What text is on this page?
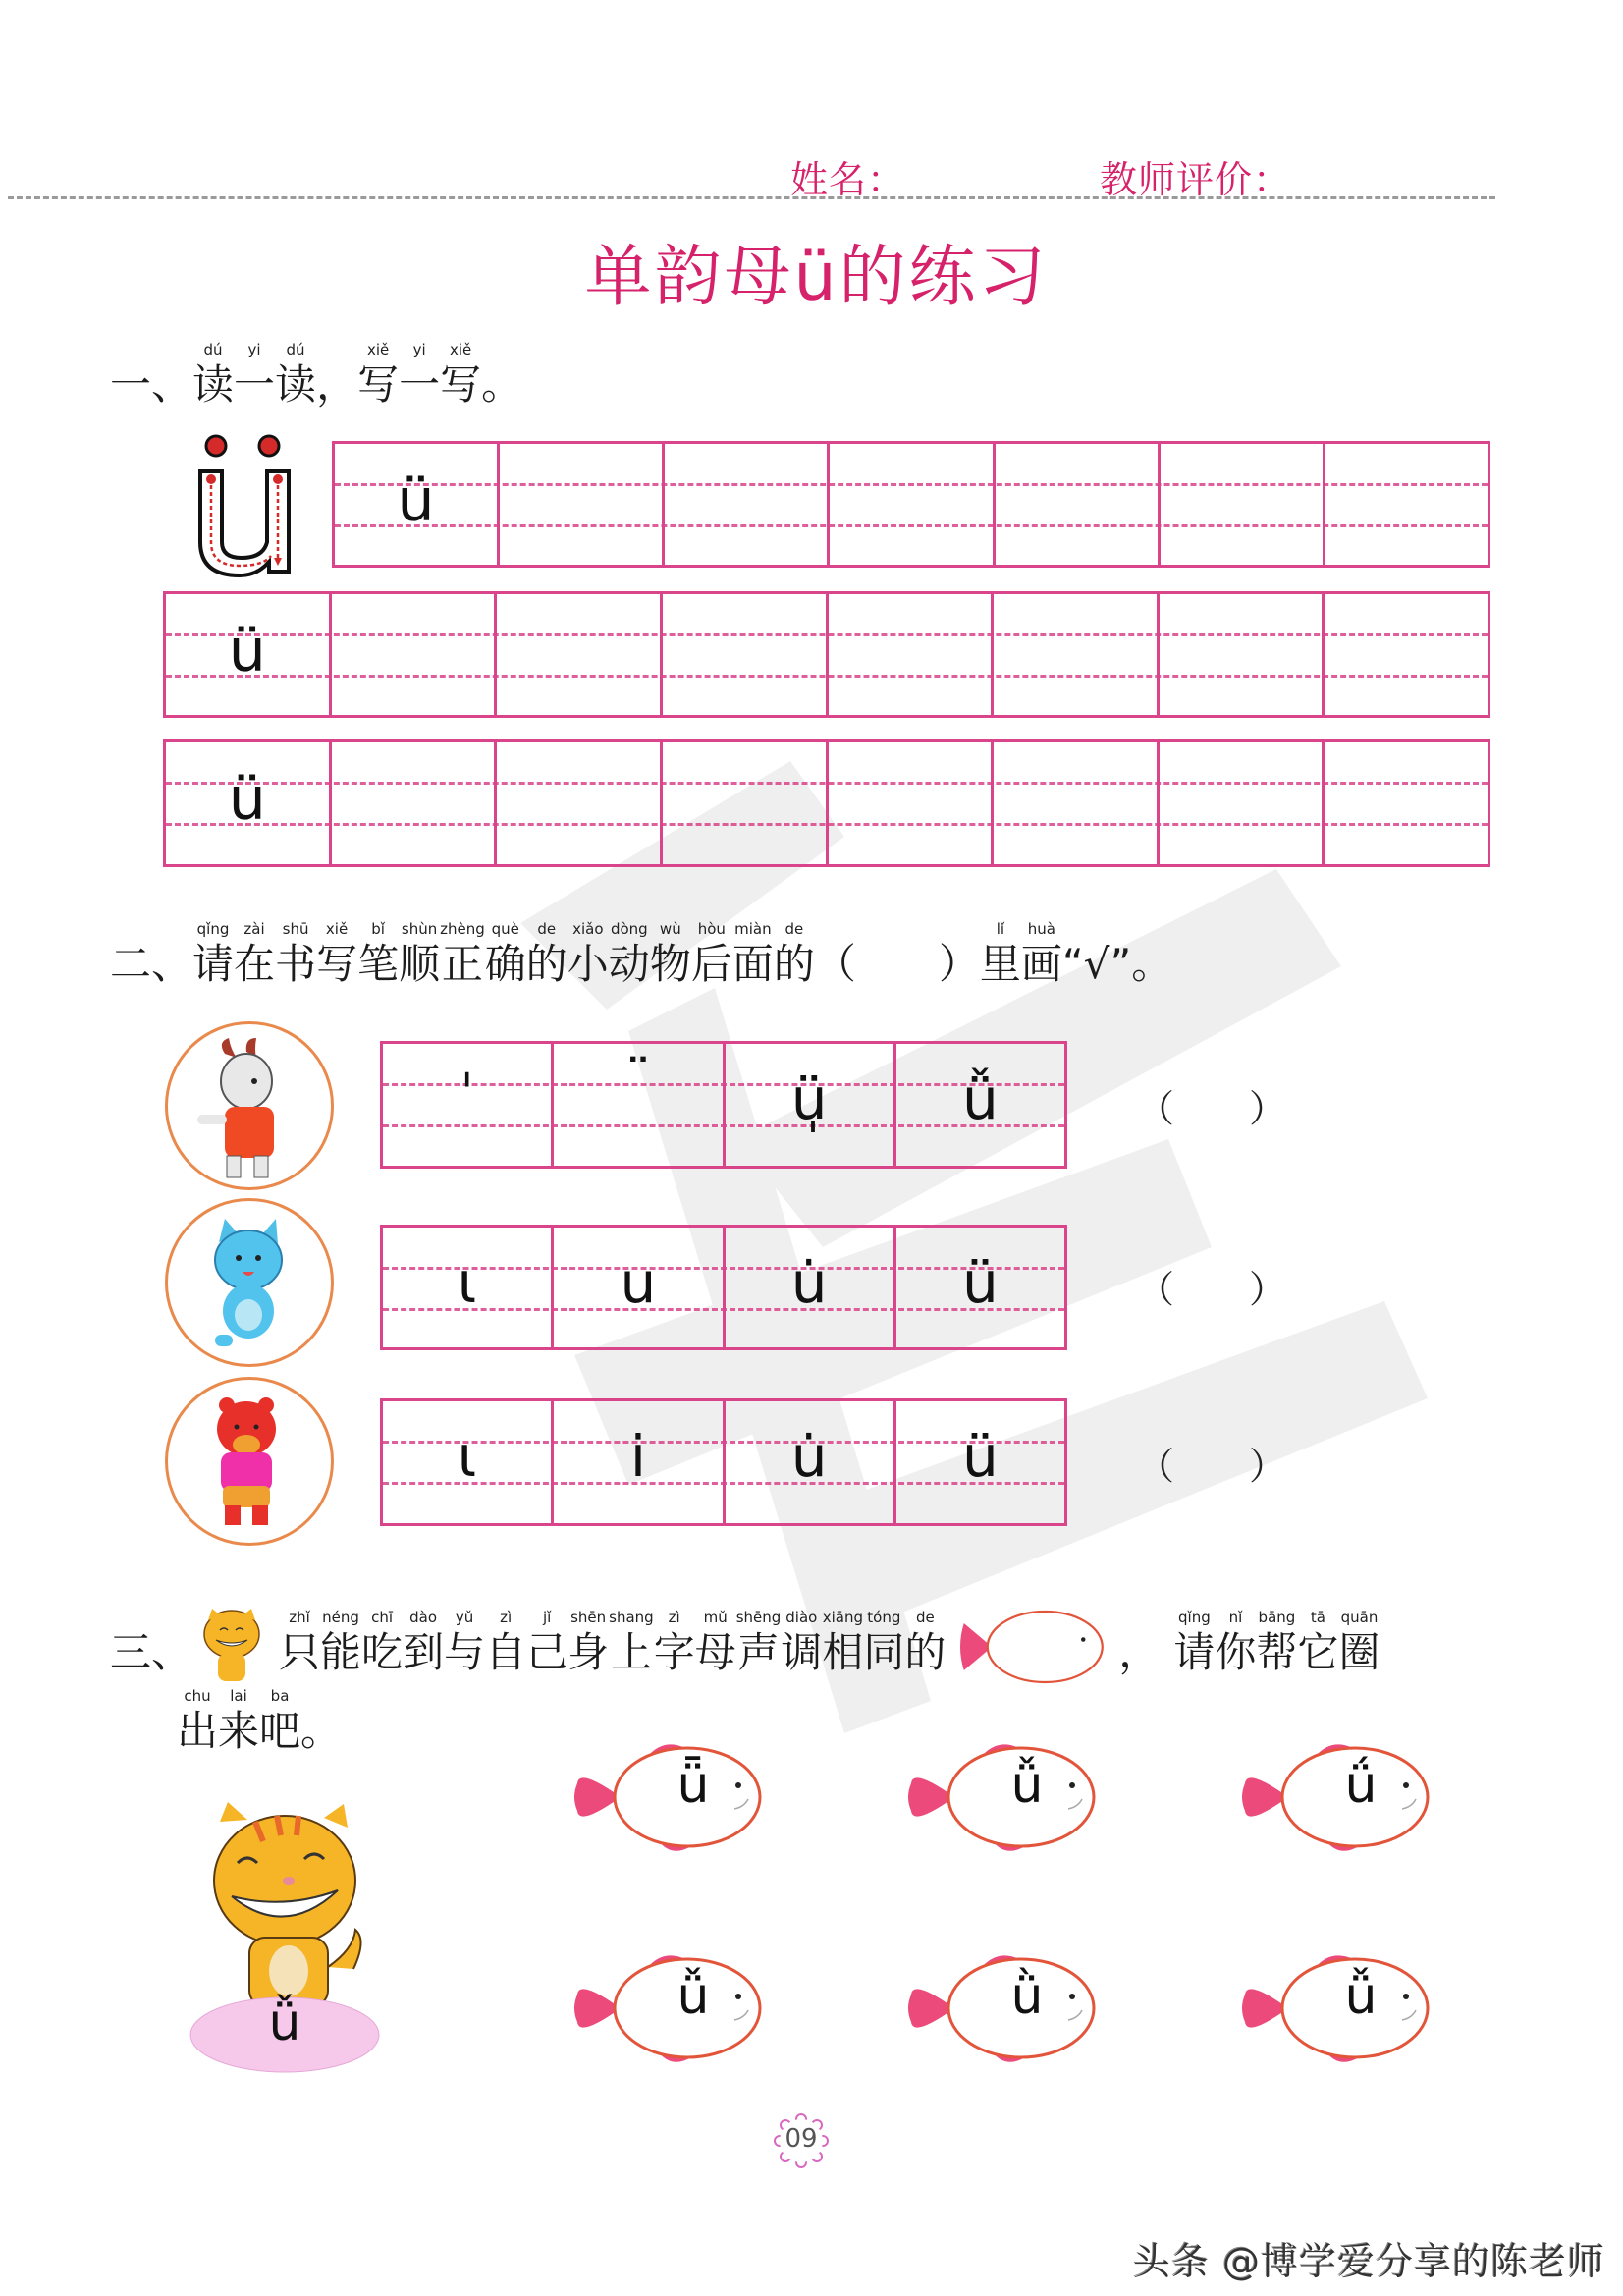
姓名：	教师评价：
单韵母ü的练习
一、
dú
读
yi
一
dú
读 ，
xiě
写
yi
一
xiě
写 。
ü
ü
ü
二、
qǐng
请
zài
在
shū
书
xiě
写
bǐ
笔
shùn
顺
zhèng
正
què
确
de
的
xiǎo
小
dòng
动
wù
物
hòu
后
miàn
面
de
的 （　　）
lǐ
里
huà
画 “√” 。
ˈ	¨	ü̩	ǚ	（　　）
ɩ	u	u̇	ü	（　　）
ɩ	i	u̇	ü	（　　）
三、
zhǐ
只
néng
能
chī
吃
dào
到
yǔ
与
zì
自
jǐ
己
shēn
身
shang
上
zì
字
mǔ
母
shēng
声
diào
调
xiāng
相
tóng
同
de
的	，
qǐng
请
nǐ
你
bāng
帮
tā
它
quān
圈
chu
出
lai
来
ba
吧 。
ǚ
ǖ	ǚ	ǘ
ǚ	ǜ	ǚ
09
头条 @博学爱分享的陈老师
